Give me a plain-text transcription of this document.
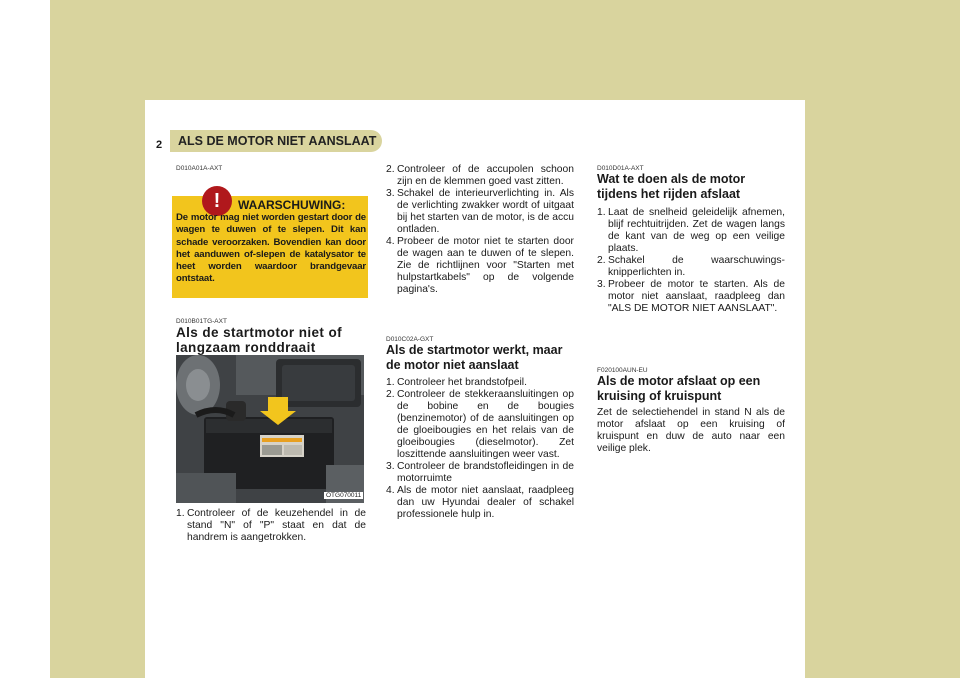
3 IN GEVAL VAN PECH
2 ALS DE MOTOR NIET AANSLAAT
D010A01A-AXT
!	WAARSCHUWING:
De motor mag niet worden gestart door de wagen te duwen of te slepen. Dit kan schade veroorzaken. Bovendien kan door het aanduwen of-slepen de katalysator te heet worden waardoor brandgevaar ontstaat.
D010B01TG-AXT
Als de startmotor niet of langzaam ronddraait
OTG070011
1. Controleer of de keuzehendel in de stand "N" of "P" staat en dat de handrem is aangetrokken.
2. Controleer of de accupolen schoon zijn en de klemmen goed vast zitten.
3. Schakel de interieurverlichting in. Als de verlichting zwakker wordt of uitgaat bij het starten van de motor, is de accu ontladen.
4. Probeer de motor niet te starten door de wagen aan te duwen of te slepen. Zie de richtlijnen voor "Starten met hulpstartkabels" op de volgende pagina's.
D010C02A-GXT
Als de startmotor werkt, maar de motor niet aanslaat
1. Controleer het brandstofpeil.
2. Controleer de stekkeraansluitingen op de bobine en de bougies (benzinemotor) of de aansluitingen op de gloeibougies en het relais van de gloeibougies (dieselmotor). Zet loszittende aansluitingen weer vast.
3. Controleer de brandstofleidingen in de motorruimte
4. Als de motor niet aanslaat, raadpleeg dan uw Hyundai dealer of schakel professionele hulp in.
D010D01A-AXT
Wat te doen als de motor tijdens het rijden afslaat
1. Laat de snelheid geleidelijk afnemen, blijf rechtuitrijden. Zet de wagen langs de kant van de weg op een veilige plaats.
2. Schakel de waarschuwings-knipperlichten in.
3. Probeer de motor te starten. Als de motor niet aanslaat, raadpleeg dan "ALS DE MOTOR NIET AANSLAAT".
F020100AUN-EU
Als de motor afslaat op een kruising of kruispunt
Zet de selectiehendel in stand N als de motor afslaat op een kruising of kruispunt en duw de auto naar een veilige plek.
